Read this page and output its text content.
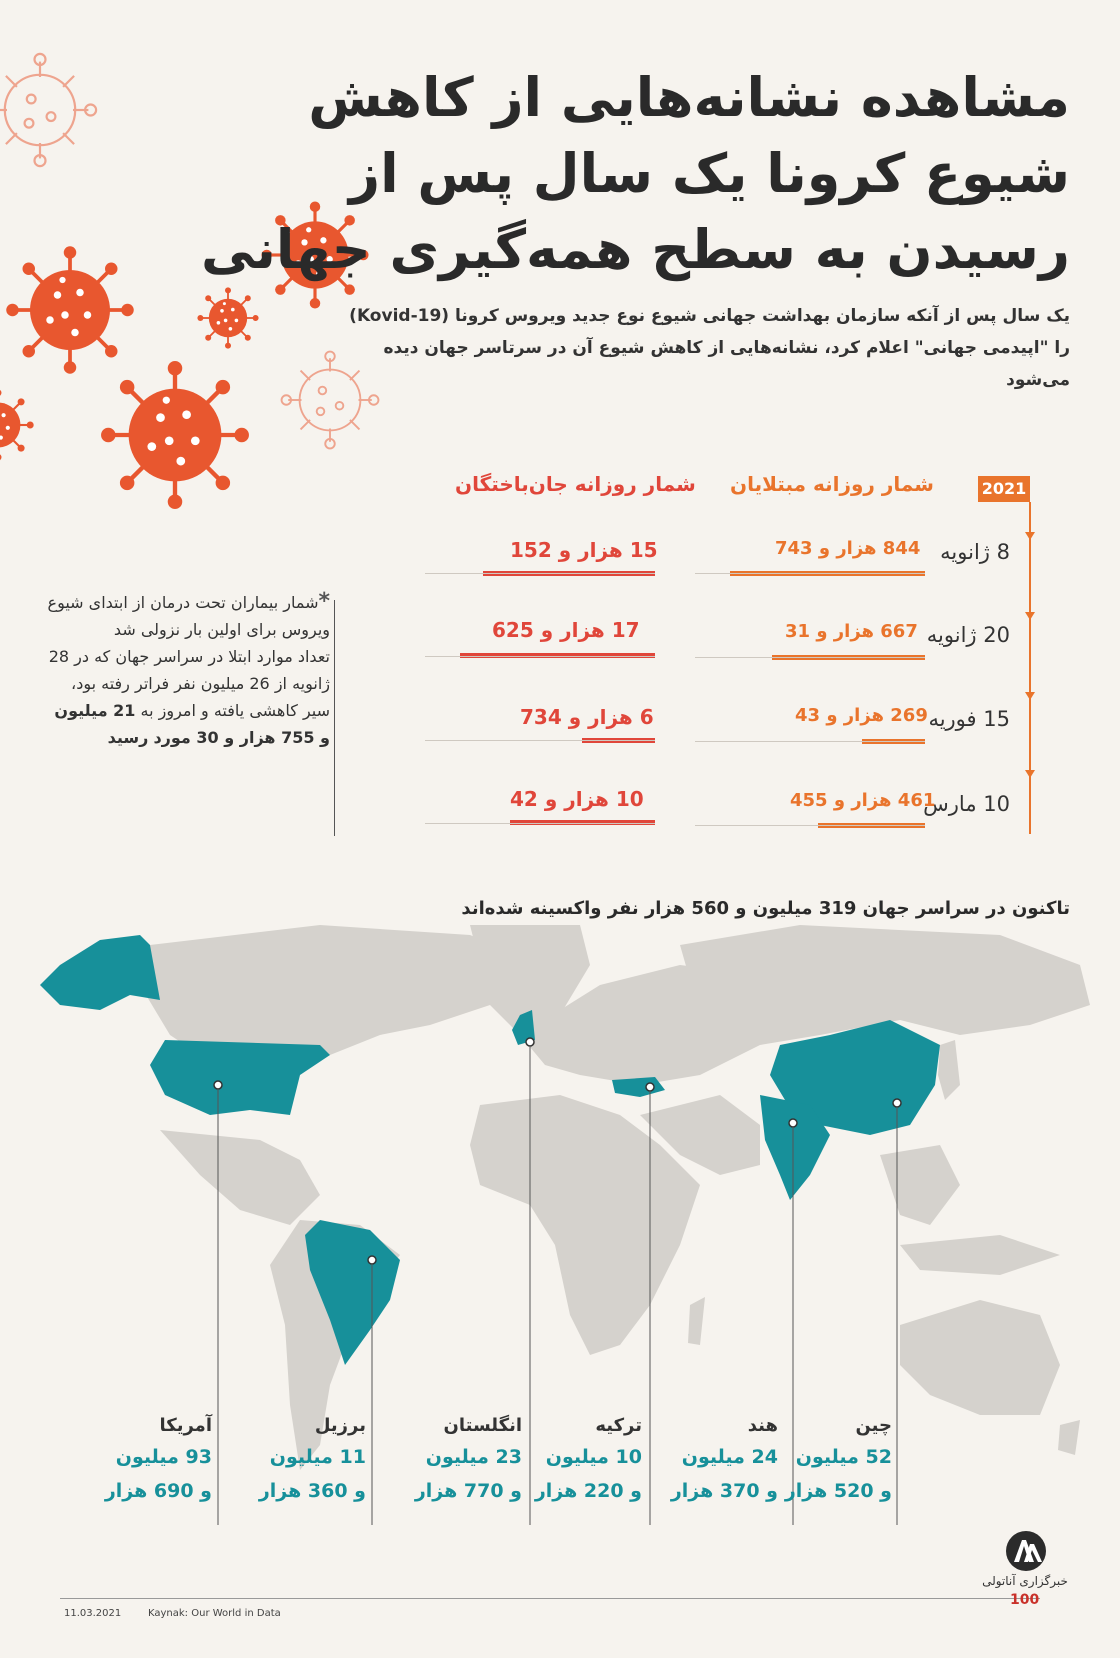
مشاهده نشانه‌هایی از کاهش شیوع کرونا یک سال پس از رسیدن به سطح همه‌گیری جهانی
یک سال پس از آنکه سازمان بهداشت جهانی شیوع نوع جدید ویروس کرونا (Kovid-19) را "اپیدمی جهانی" اعلام کرد، نشانه‌هایی از کاهش شیوع آن در سرتاسر جهان دیده می‌شود
شمار روزانه مبتلایان
شمار روزانه جان‌باختگان	2021
8 ژانویه
844 هزار و 743
15 هزار و 152
20 ژانویه
667 هزار و 31
17 هزار و 625
15 فوریه
269 هزار و 43
6 هزار و 734
10 مارس
461 هزار و 455
10 هزار و 42
*شمار بیماران تحت درمان از ابتدای شیوع ویروس برای اولین بار نزولی شد
تعداد موارد ابتلا در سراسر جهان که در 28 ژانویه از 26 میلیون نفر فراتر رفته بود، سیر کاهشی یافته و امروز به 21 میلیون و 755 هزار و 30 مورد رسید
تاکنون در سراسر جهان 319 میلیون و 560 هزار نفر واکسینه شده‌اند
آمریکا
93 میلیون
و 690 هزار
برزیل
11 میلیون
و 360 هزار
انگلستان
23 میلیون
و 770 هزار
ترکیه
10 میلیون
و 220 هزار
هند
24 میلیون
و 370 هزار
چین
52 میلیون
و 520 هزار
11.03.2021	Kaynak: Our World in Data
خبرگزاری آناتولی
100
